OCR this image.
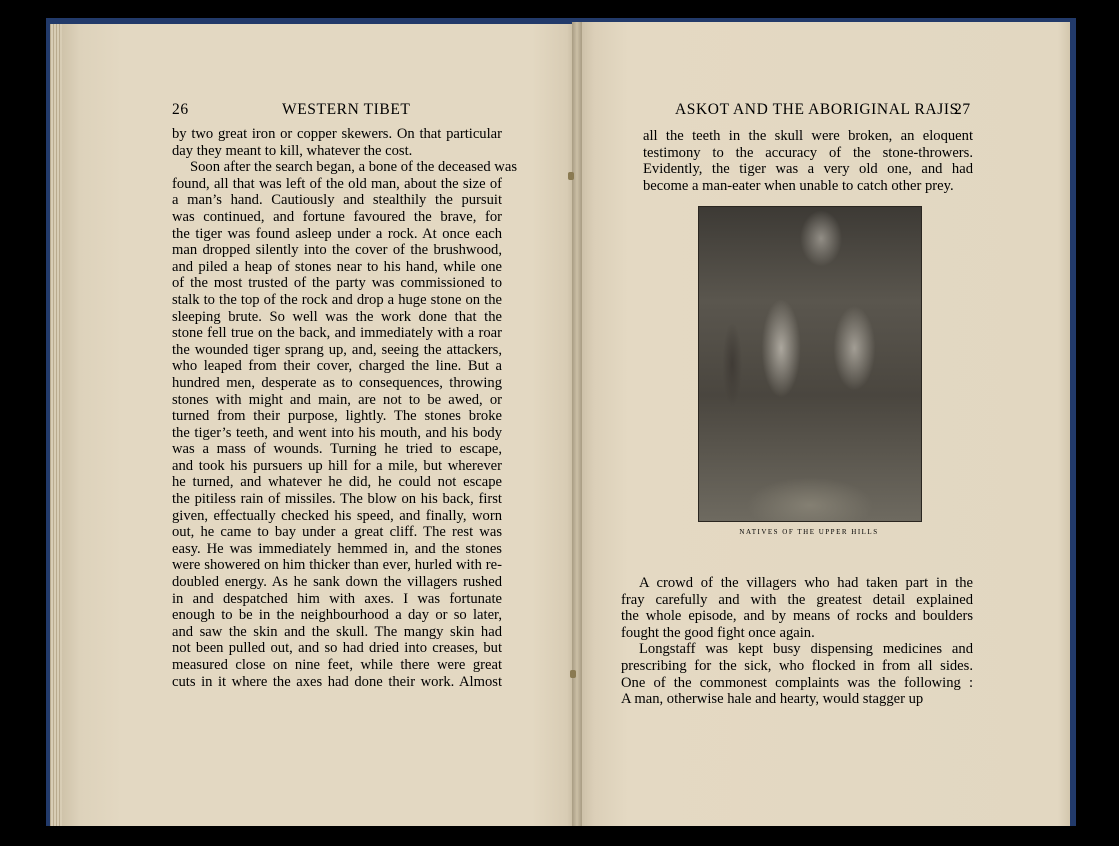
26	WESTERN TIBET
by two great iron or copper skewers. On that particular
day they meant to kill, whatever the cost.
Soon after the search began, a bone of the deceased was
found, all that was left of the old man, about the size of
a man’s hand. Cautiously and stealthily the pursuit
was continued, and fortune favoured the brave, for
the tiger was found asleep under a rock. At once each
man dropped silently into the cover of the brushwood,
and piled a heap of stones near to his hand, while one
of the most trusted of the party was commissioned to
stalk to the top of the rock and drop a huge stone on the
sleeping brute. So well was the work done that the
stone fell true on the back, and immediately with a roar
the wounded tiger sprang up, and, seeing the attackers,
who leaped from their cover, charged the line. But a
hundred men, desperate as to consequences, throwing
stones with might and main, are not to be awed, or
turned from their purpose, lightly. The stones broke
the tiger’s teeth, and went into his mouth, and his body
was a mass of wounds. Turning he tried to escape,
and took his pursuers up hill for a mile, but wherever
he turned, and whatever he did, he could not escape
the pitiless rain of missiles. The blow on his back, first
given, effectually checked his speed, and finally, worn
out, he came to bay under a great cliff. The rest was
easy. He was immediately hemmed in, and the stones
were showered on him thicker than ever, hurled with re-
doubled energy. As he sank down the villagers rushed
in and despatched him with axes. I was fortunate
enough to be in the neighbourhood a day or so later,
and saw the skin and the skull. The mangy skin had
not been pulled out, and so had dried into creases, but
measured close on nine feet, while there were great
cuts in it where the axes had done their work. Almost
ASKOT AND THE ABORIGINAL RAJIS
27
all the teeth in the skull were broken, an eloquent
testimony to the accuracy of the stone-throwers.
Evidently, the tiger was a very old one, and had
become a man-eater when unable to catch other prey.
NATIVES OF THE UPPER HILLS
A crowd of the villagers who had taken part in the
fray carefully and with the greatest detail explained
the whole episode, and by means of rocks and boulders
fought the good fight once again.
Longstaff was kept busy dispensing medicines and
prescribing for the sick, who flocked in from all sides.
One of the commonest complaints was the following :
A man, otherwise hale and hearty, would stagger up
